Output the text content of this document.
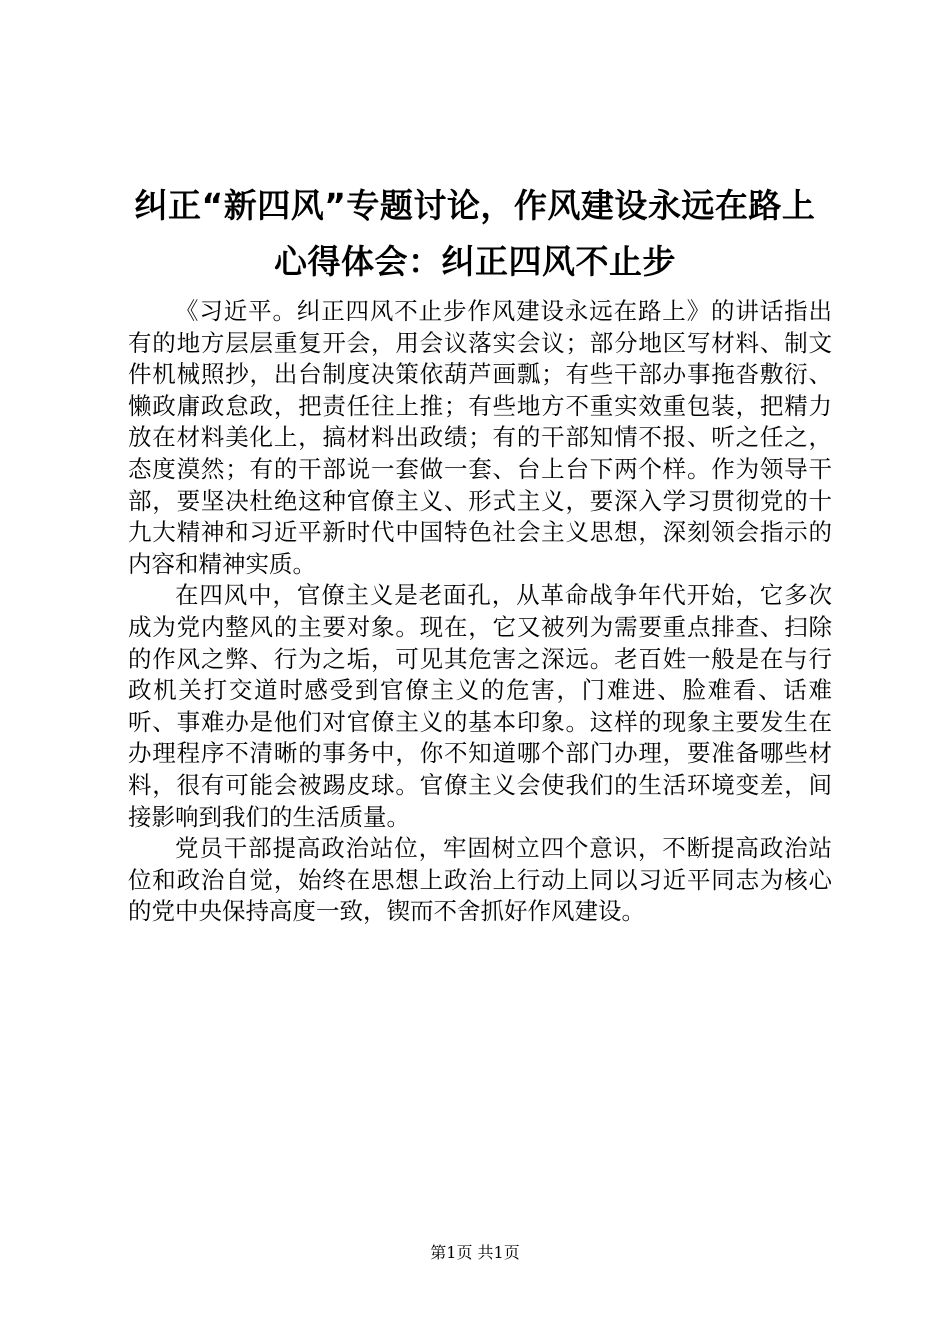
纠正“新四风”专题讨论，作风建设永远在路上心得体会：纠正四风不止步

《习近平。纠正四风不止步作风建设永远在路上》的讲话指出有的地方层层重复开会，用会议落实会议；部分地区写材料、制文件机械照抄，出台制度决策依葫芦画瓢；有些干部办事拖沓敷衍、懒政庸政怠政，把责任往上推；有些地方不重实效重包装，把精力放在材料美化上，搞材料出政绩；有的干部知情不报、听之任之，态度漠然；有的干部说一套做一套、台上台下两个样。作为领导干部，要坚决杜绝这种官僚主义、形式主义，要深入学习贯彻党的十九大精神和习近平新时代中国特色社会主义思想，深刻领会指示的内容和精神实质。

在四风中，官僚主义是老面孔，从革命战争年代开始，它多次成为党内整风的主要对象。现在，它又被列为需要重点排查、扫除的作风之弊、行为之垢，可见其危害之深远。老百姓一般是在与行政机关打交道时感受到官僚主义的危害，门难进、脸难看、话难听、事难办是他们对官僚主义的基本印象。这样的现象主要发生在办理程序不清晰的事务中，你不知道哪个部门办理，要准备哪些材料，很有可能会被踢皮球。官僚主义会使我们的生活环境变差，间接影响到我们的生活质量。

党员干部提高政治站位，牢固树立四个意识，不断提高政治站位和政治自觉，始终在思想上政治上行动上同以习近平同志为核心的党中央保持高度一致，锲而不舍抓好作风建设。

第1页 共1页
